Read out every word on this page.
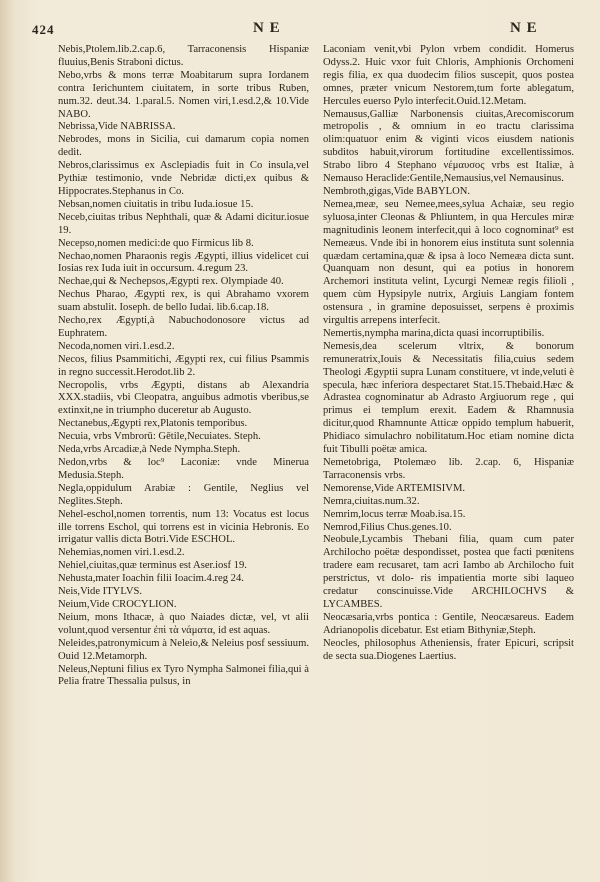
424	N E	N E

Nebis,Ptolem.lib.2.cap.6, Tarraconensis Hispaniæ fluuius,Benis Straboni dictus.

Nebo,vrbs & mons terræ Moabitarum supra Iordanem contra Ierichuntem ciuitatem, in sorte tribus Ruben, num.32. deut.34. 1.paral.5. Nomen viri,1.esd.2,& 10.Vide NABO.

Nebrissa,Vide NABRISSA.

Nebrodes, mons in Sicilia, cui damarum copia nomen dedit.

Nebros,clarissimus ex Asclepiadis fuit in Co insula,vel Pythiæ testimonio, vnde Nebridæ dicti,ex quibus & Hippocrates.Stephanus in Co.

Nebsan,nomen ciuitatis in tribu Iuda.iosue 15.

Neceb,ciuitas tribus Nephthali, quæ & Adami dicitur.iosue 19.

Necepso,nomen medici:de quo Firmicus lib 8.

Nechao,nomen Pharaonis regis Ægypti, illius videlicet cui Iosias rex Iuda iuit in occursum. 4.regum 23.

Nechae,qui & Nechepsos,Ægypti rex. Olympiade 40.

Nechus Pharao, Ægypti rex, is qui Abrahamo vxorem suam abstulit. Ioseph. de bello Iudai. lib.6.cap.18.

Necho,rex Ægypti,à Nabuchodonosore victus ad Euphratem.

Necoda,nomen viri.1.esd.2.

Necos, filius Psammitichi, Ægypti rex, cui filius Psammis in regno successit.Herodot.lib 2.

Necropolis, vrbs Ægypti, distans ab Alexandria XXX.stadiis, vbi Cleopatra, anguibus admotis vberibus,se extinxit,ne in triumpho duceretur ab Augusto.

Nectanebus,Ægypti rex,Platonis temporibus.

Necuia, vrbs Vmbrorū: Gētile,Necuiates. Steph.

Neda,vrbs Arcadiæ,à Nede Nympha.Steph.

Nedon,vrbs & loc⁹ Laconiæ: vnde Minerua Medusia.Steph.

Negla,oppidulum Arabiæ : Gentile, Neglius vel Neglites.Steph.

Nehel-eschol,nomen torrentis, num 13: Vocatus est locus ille torrens Eschol, qui torrens est in vicinia Hebronis. Eo irrigatur vallis dicta Botri.Vide ESCHOL.

Nehemias,nomen viri.1.esd.2.

Nehiel,ciuitas,quæ terminus est Aser.iosf 19.

Nehusta,mater Ioachin filii Ioacim.4.reg 24.

Neis,Vide ITYLVS.

Neium,Vide CROCYLION.

Neium, mons Ithacæ, à quo Naiades dictæ, vel, vt alii volunt,quod versentur ἐπὶ τὰ νάματα, id est aquas.

Neleides,patronymicum à Neleio,& Neleius posf sessiuum. Ouid 12.Metamorph.

Neleus,Neptuni filius ex Tyro Nympha Salmonei filia,qui à Pelia fratre Thessalia pulsus, in

Laconiam venit,vbi Pylon vrbem condidit. Homerus Odyss.2. Huic vxor fuit Chloris, Amphionis Orchomeni regis filia, ex qua duodecim filios suscepit, quos postea omnes, præter vnicum Nestorem,tum forte ablegatum, Hercules euerso Pylo interfecit.Ouid.12.Metam.

Nemausus,Galliæ Narbonensis ciuitas,Arecomiscorum metropolis , & omnium in eo tractu clarissima olim:quatuor enim & viginti vicos eiusdem nationis subditos habuit,virorum fortitudine excellentissimos. Strabo libro 4 Stephano νέμαυσος vrbs est Italiæ, à Nemauso Heraclide:Gentile,Nemausius,vel Nemausinus.

Nembroth,gigas,Vide BABYLON.

Nemea,meæ, seu Nemee,mees,sylua Achaiæ, seu regio syluosa,inter Cleonas & Phliuntem, in qua Hercules miræ magnitudinis leonem interfecit,qui à loco cognominat⁹ est Nemeæus. Vnde ibi in honorem eius instituta sunt solennia quædam certamina,quæ & ipsa à loco Nemeæa dicta sunt. Quanquam non desunt, qui ea potius in honorem Archemori instituta velint, Lycurgi Nemeæ regis filioli , quem cùm Hypsipyle nutrix, Argiuis Langiam fontem ostensura , in gramine deposuisset, serpens è proximis virgultis arrepens interfecit.

Nemertis,nympha marina,dicta quasi incorruptibilis.

Nemesis,dea scelerum vltrix, & bonorum remuneratrix,Iouis & Necessitatis filia,cuius sedem Theologi Ægyptii supra Lunam constituere, vt inde,veluti è specula, hæc inferiora despectaret Stat.15.Thebaid.Hæc & Adrastea cognominatur ab Adrasto Argiuorum rege , qui primus ei templum erexit. Eadem & Rhamnusia dicitur,quod Rhamnunte Atticæ oppido templum habuerit, Phidiaco simulachro nobilitatum.Hoc etiam nomine dicta fuit Tibulli poëtæ amica.

Nemetobriga, Ptolemæo lib. 2.cap. 6, Hispaniæ Tarraconensis vrbs.

Nemorense,Vide ARTEMISIVM.

Nemra,ciuitas.num.32.

Nemrim,locus terræ Moab.isa.15.

Nemrod,Filius Chus.genes.10.

Neobule,Lycambis Thebani filia, quam cum pater Archilocho poëtæ despondisset, postea que facti pœnitens tradere eam recusaret, tam acri Iambo ab Archilocho fuit perstrictus, vt dolo- ris impatientia morte sibi laqueo credatur conscinuisse.Vide ARCHILOCHVS & LYCAMBES.

Neocæsaria,vrbs pontica : Gentile, Neocæsareus. Eadem Adrianopolis dicebatur. Est etiam Bithyniæ,Steph.

Neocles, philosophus Atheniensis, frater Epicuri, scripsit de secta sua.Diogenes Laertius.
